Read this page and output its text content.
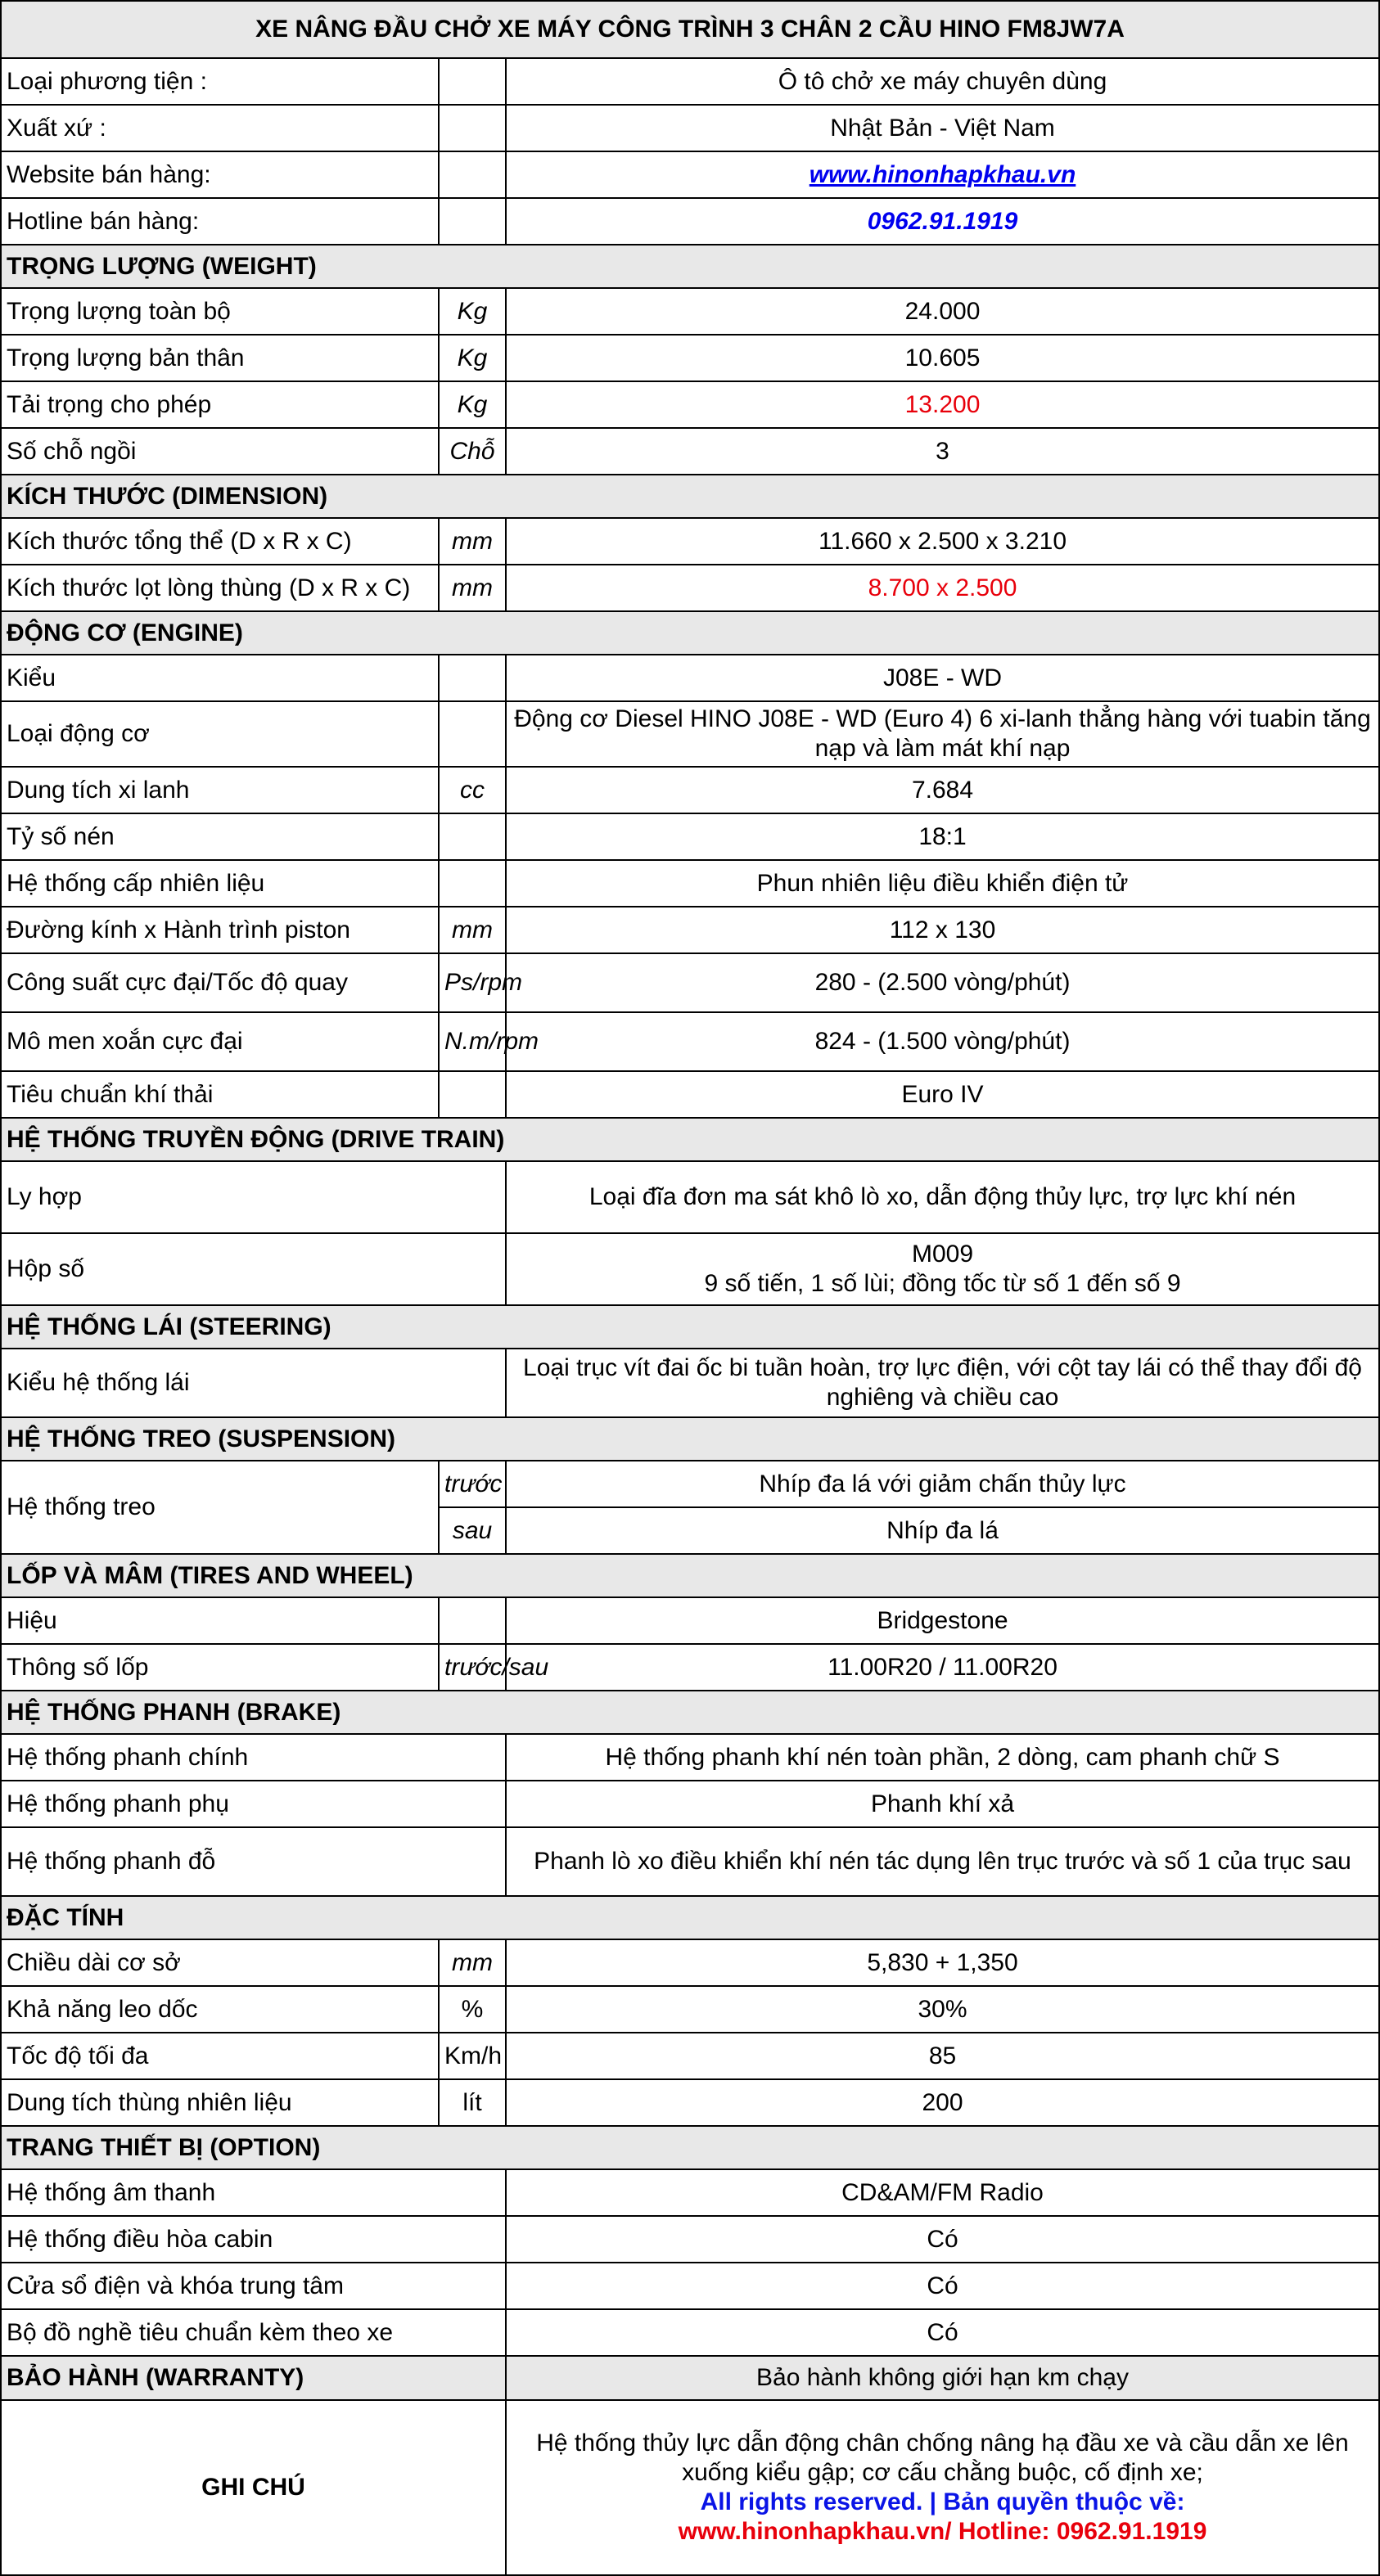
XE NÂNG ĐẦU CHỞ XE MÁY CÔNG TRÌNH 3 CHÂN 2 CẦU HINO FM8JW7A		
Loại phương tiện :		Ô tô chở xe máy chuyên dùng
Xuất xứ :		Nhật Bản - Việt Nam
Website bán hàng:		www.hinonhapkhau.vn
Hotline bán hàng:		0962.91.1919
TRỌNG LƯỢNG (WEIGHT)		
Trọng lượng toàn bộ	Kg	24.000
Trọng lượng bản thân	Kg	10.605
Tải trọng cho phép	Kg	13.200
Số chỗ ngồi	Chỗ	3
KÍCH THƯỚC (DIMENSION)		
Kích thước tổng thể (D x R x C)	mm	11.660 x 2.500 x 3.210
Kích thước lọt lòng thùng (D x R x C)	mm	8.700 x 2.500
ĐỘNG CƠ (ENGINE)		
Kiểu		J08E - WD
Loại động cơ		Động cơ Diesel HINO J08E - WD (Euro 4) 6 xi-lanh thẳng hàng với tuabin tăng nạp và làm mát khí nạp
Dung tích xi lanh	cc	7.684
Tỷ số nén		18:1
Hệ thống cấp nhiên liệu		Phun nhiên liệu điều khiển điện tử
Đường kính x Hành trình piston	mm	112 x 130
Công suất cực đại/Tốc độ quay	Ps/rpm	280 - (2.500 vòng/phút)
Mô men xoắn cực đại	N.m/rpm	824 - (1.500 vòng/phút)
Tiêu chuẩn khí thải		Euro IV
HỆ THỐNG TRUYỀN ĐỘNG (DRIVE TRAIN)		
Ly hợp		Loại đĩa đơn ma sát khô lò xo, dẫn động thủy lực, trợ lực khí nén
Hộp số		M009
9 số tiến, 1 số lùi; đồng tốc từ số 1 đến số 9

HỆ THỐNG LÁI (STEERING)		
Kiểu hệ thống lái		Loại trục vít đai ốc bi tuần hoàn, trợ lực điện, với cột tay lái có thể thay đổi độ nghiêng và chiều cao
HỆ THỐNG TREO (SUSPENSION)		
Hệ thống treo	trước	Nhíp đa lá với giảm chấn thủy lực
	sau	Nhíp đa lá
LỐP VÀ MÂM (TIRES AND WHEEL)		
Hiệu		Bridgestone
Thông số lốp	trước/sau	11.00R20 / 11.00R20
HỆ THỐNG PHANH (BRAKE)		
Hệ thống phanh chính		Hệ thống phanh khí nén toàn phần, 2 dòng, cam phanh chữ S
Hệ thống phanh phụ		Phanh khí xả
Hệ thống phanh đỗ		Phanh lò xo điều khiển khí nén tác dụng lên trục trước và số 1 của trục sau
ĐẶC TÍNH		
Chiều dài cơ sở	mm	5,830 + 1,350
Khả năng leo dốc	%	30%
Tốc độ tối đa	Km/h	85
Dung tích thùng nhiên liệu	lít	200
TRANG THIẾT BỊ (OPTION)		
Hệ thống âm thanh		CD&AM/FM Radio
Hệ thống điều hòa cabin		Có
Cửa sổ điện và khóa trung tâm		Có
Bộ đồ nghề tiêu chuẩn kèm theo xe		Có
BẢO HÀNH (WARRANTY)		Bảo hành không giới hạn km chạy
GHI CHÚ		Hệ thống thủy lực dẫn động chân chống nâng hạ đầu xe và cầu dẫn xe lên xuống kiểu gập; cơ cấu chằng buộc, cố định xe;
All rights reserved. | Bản quyền thuộc về:
www.hinonhapkhau.vn/ Hotline: 0962.91.1919
